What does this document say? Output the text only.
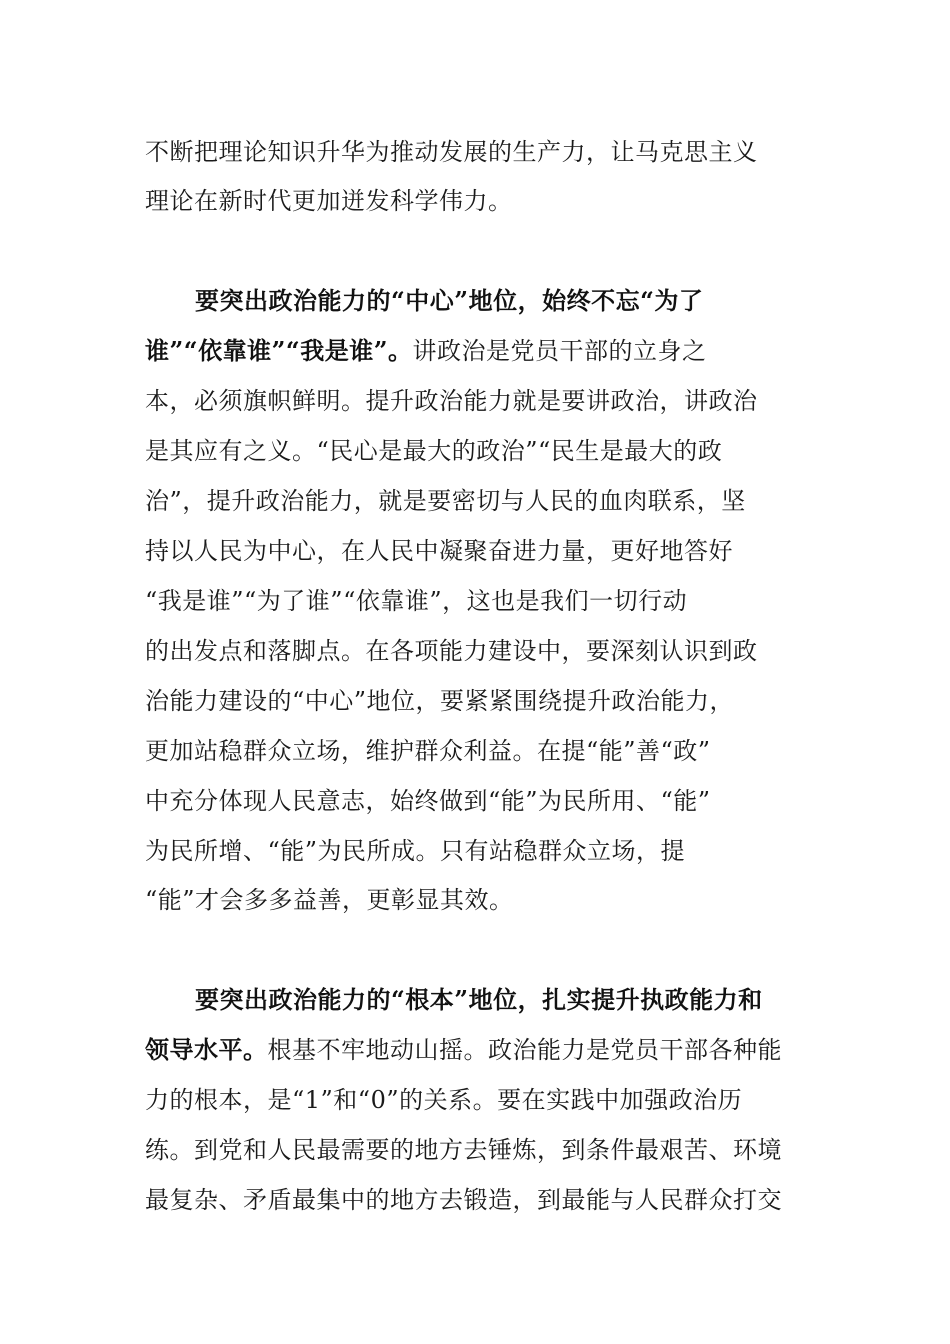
不断把理论知识升华为推动发展的生产力，让马克思主义
理论在新时代更加迸发科学伟力。
要突出政治能力的“中心”地位，始终不忘“为了
谁”“依靠谁”“我是谁”。讲政治是党员干部的立身之
本，必须旗帜鲜明。提升政治能力就是要讲政治，讲政治
是其应有之义。“民心是最大的政治”“民生是最大的政
治”，提升政治能力，就是要密切与人民的血肉联系，坚
持以人民为中心，在人民中凝聚奋进力量，更好地答好
“我是谁”“为了谁”“依靠谁”，这也是我们一切行动
的出发点和落脚点。在各项能力建设中，要深刻认识到政
治能力建设的“中心”地位，要紧紧围绕提升政治能力，
更加站稳群众立场，维护群众利益。在提“能”善“政”
中充分体现人民意志，始终做到“能”为民所用、“能”
为民所增、“能”为民所成。只有站稳群众立场，提
“能”才会多多益善，更彰显其效。
要突出政治能力的“根本”地位，扎实提升执政能力和
领导水平。根基不牢地动山摇。政治能力是党员干部各种能
力的根本，是“1”和“0”的关系。要在实践中加强政治历
练。到党和人民最需要的地方去锤炼，到条件最艰苦、环境
最复杂、矛盾最集中的地方去锻造，到最能与人民群众打交
